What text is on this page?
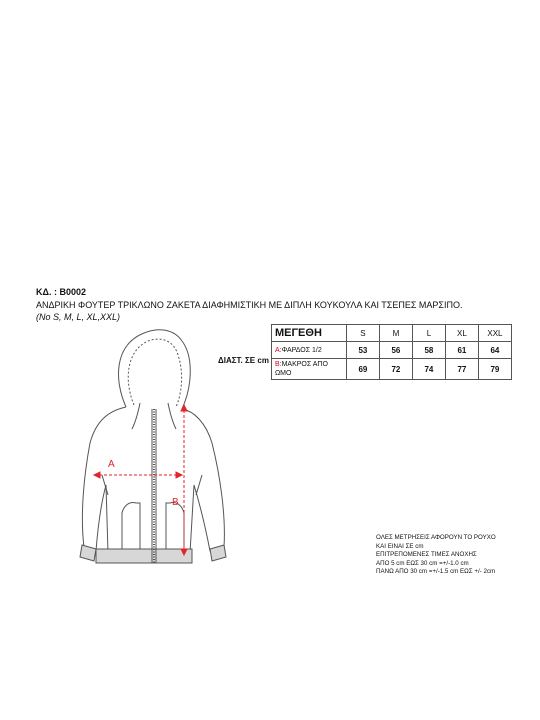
ΚΔ. : Β0002
ΑΝΔΡΙΚΗ ΦΟΥΤΕΡ ΤΡΙΚΛΩΝΟ ΖΑΚΕΤΑ ΔΙΑΦΗΜΙΣΤΙΚΗ ΜΕ ΔΙΠΛΗ ΚΟΥΚΟΥΛΑ ΚΑΙ ΤΣΕΠΕΣ ΜΑΡΣΙΠΟ.
(Νο S, M, L, XL,XXL)
A
B
	ΜΕΓΕΘΗ	S	M	L	XL	XXL
ΔΙΑΣΤ. ΣΕ cm	A:ΦΑΡΔΟΣ 1/2	53	56	58	61	64
	B:ΜΑΚΡΟΣ ΑΠΟ ΩΜΟ	69	72	74	77	79
ΟΛΕΣ ΜΕΤΡΗΣΕΙΣ ΑΦΟΡΟΥΝ ΤΟ ΡΟΥΧΟ
ΚΑΙ ΕΙΝΑΙ ΣΕ cm
ΕΠΙΤΡΕΠΟΜΕΝΕΣ ΤΙΜΕΣ ΑΝΟΧΗΣ
ΑΠΟ 5 cm ΕΩΣ 30 cm =+/-1.0 cm
ΠΑΝΩ ΑΠΟ 30 cm =+/-1.5 cm ΕΩΣ +/- 2cm
